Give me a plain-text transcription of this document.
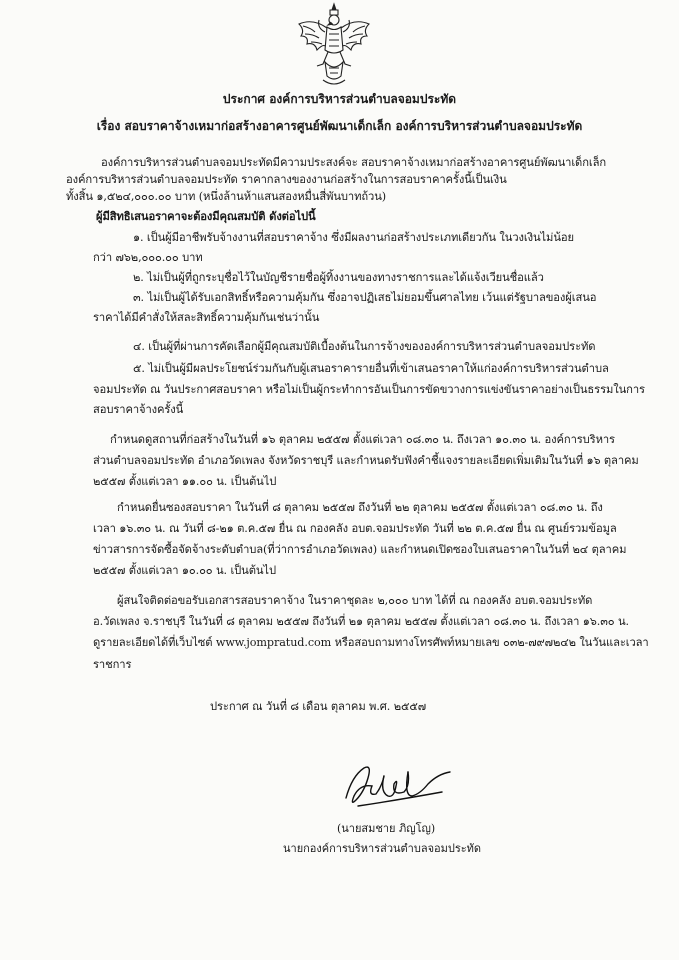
ประกาศ องค์การบริหารส่วนตำบลจอมประทัด
เรื่อง สอบราคาจ้างเหมาก่อสร้างอาคารศูนย์พัฒนาเด็กเล็ก องค์การบริหารส่วนตำบลจอมประทัด
องค์การบริหารส่วนตำบลจอมประทัดมีความประสงค์จะ สอบราคาจ้างเหมาก่อสร้างอาคารศูนย์พัฒนาเด็กเล็ก
องค์การบริหารส่วนตำบลจอมประทัด ราคากลางของงานก่อสร้างในการสอบราคาครั้งนี้เป็นเงิน
ทั้งสิ้น ๑,๕๒๔,๐๐๐.๐๐ บาท (หนึ่งล้านห้าแสนสองหมื่นสี่พันบาทถ้วน)
ผู้มีสิทธิเสนอราคาจะต้องมีคุณสมบัติ ดังต่อไปนี้
๑. เป็นผู้มีอาชีพรับจ้างงานที่สอบราคาจ้าง ซึ่งมีผลงานก่อสร้างประเภทเดียวกัน ในวงเงินไม่น้อย
กว่า ๗๖๒,๐๐๐.๐๐ บาท
๒. ไม่เป็นผู้ที่ถูกระบุชื่อไว้ในบัญชีรายชื่อผู้ทิ้งงานของทางราชการและได้แจ้งเวียนชื่อแล้ว
๓. ไม่เป็นผู้ได้รับเอกสิทธิ์หรือความคุ้มกัน ซึ่งอาจปฏิเสธไม่ยอมขึ้นศาลไทย เว้นแต่รัฐบาลของผู้เสนอ
ราคาได้มีคำสั่งให้สละสิทธิ์ความคุ้มกันเช่นว่านั้น
๔. เป็นผู้ที่ผ่านการคัดเลือกผู้มีคุณสมบัติเบื้องต้นในการจ้างขององค์การบริหารส่วนตำบลจอมประทัด
๕. ไม่เป็นผู้มีผลประโยชน์ร่วมกันกับผู้เสนอราคารายอื่นที่เข้าเสนอราคาให้แก่องค์การบริหารส่วนตำบล
จอมประทัด ณ วันประกาศสอบราคา หรือไม่เป็นผู้กระทำการอันเป็นการขัดขวางการแข่งขันราคาอย่างเป็นธรรมในการ
สอบราคาจ้างครั้งนี้
กำหนดดูสถานที่ก่อสร้างในวันที่ ๑๖ ตุลาคม ๒๕๕๗ ตั้งแต่เวลา ๐๘.๓๐ น. ถึงเวลา ๑๐.๓๐ น. องค์การบริหาร
ส่วนตำบลจอมประทัด อำเภอวัดเพลง จังหวัดราชบุรี และกำหนดรับฟังคำชี้แจงรายละเอียดเพิ่มเติมในวันที่ ๑๖ ตุลาคม
๒๕๕๗ ตั้งแต่เวลา ๑๑.๐๐ น. เป็นต้นไป
กำหนดยื่นซองสอบราคา ในวันที่ ๘ ตุลาคม ๒๕๕๗ ถึงวันที่ ๒๒ ตุลาคม ๒๕๕๗ ตั้งแต่เวลา ๐๘.๓๐ น. ถึง
เวลา ๑๖.๓๐ น. ณ วันที่ ๘-๒๑ ต.ค.๕๗ ยื่น ณ กองคลัง อบต.จอมประทัด วันที่ ๒๒ ต.ค.๕๗ ยื่น ณ ศูนย์รวมข้อมูล
ข่าวสารการจัดซื้อจัดจ้างระดับตำบล(ที่ว่าการอำเภอวัดเพลง) และกำหนดเปิดซองใบเสนอราคาในวันที่ ๒๔ ตุลาคม
๒๕๕๗ ตั้งแต่เวลา ๑๐.๐๐ น. เป็นต้นไป
ผู้สนใจติดต่อขอรับเอกสารสอบราคาจ้าง ในราคาชุดละ ๒,๐๐๐ บาท ได้ที่ ณ กองคลัง อบต.จอมประทัด
อ.วัดเพลง จ.ราชบุรี ในวันที่ ๘ ตุลาคม ๒๕๕๗ ถึงวันที่ ๒๑ ตุลาคม ๒๕๕๗ ตั้งแต่เวลา ๐๘.๓๐ น. ถึงเวลา ๑๖.๓๐ น.
ดูรายละเอียดได้ที่เว็บไซต์ www.jompratud.com หรือสอบถามทางโทรศัพท์หมายเลข ๐๓๒-๗๙๗๒๔๒ ในวันและเวลา
ราชการ
ประกาศ ณ วันที่ ๘ เดือน ตุลาคม พ.ศ. ๒๕๕๗
(นายสมชาย ภิญโญ)
นายกองค์การบริหารส่วนตำบลจอมประทัด
